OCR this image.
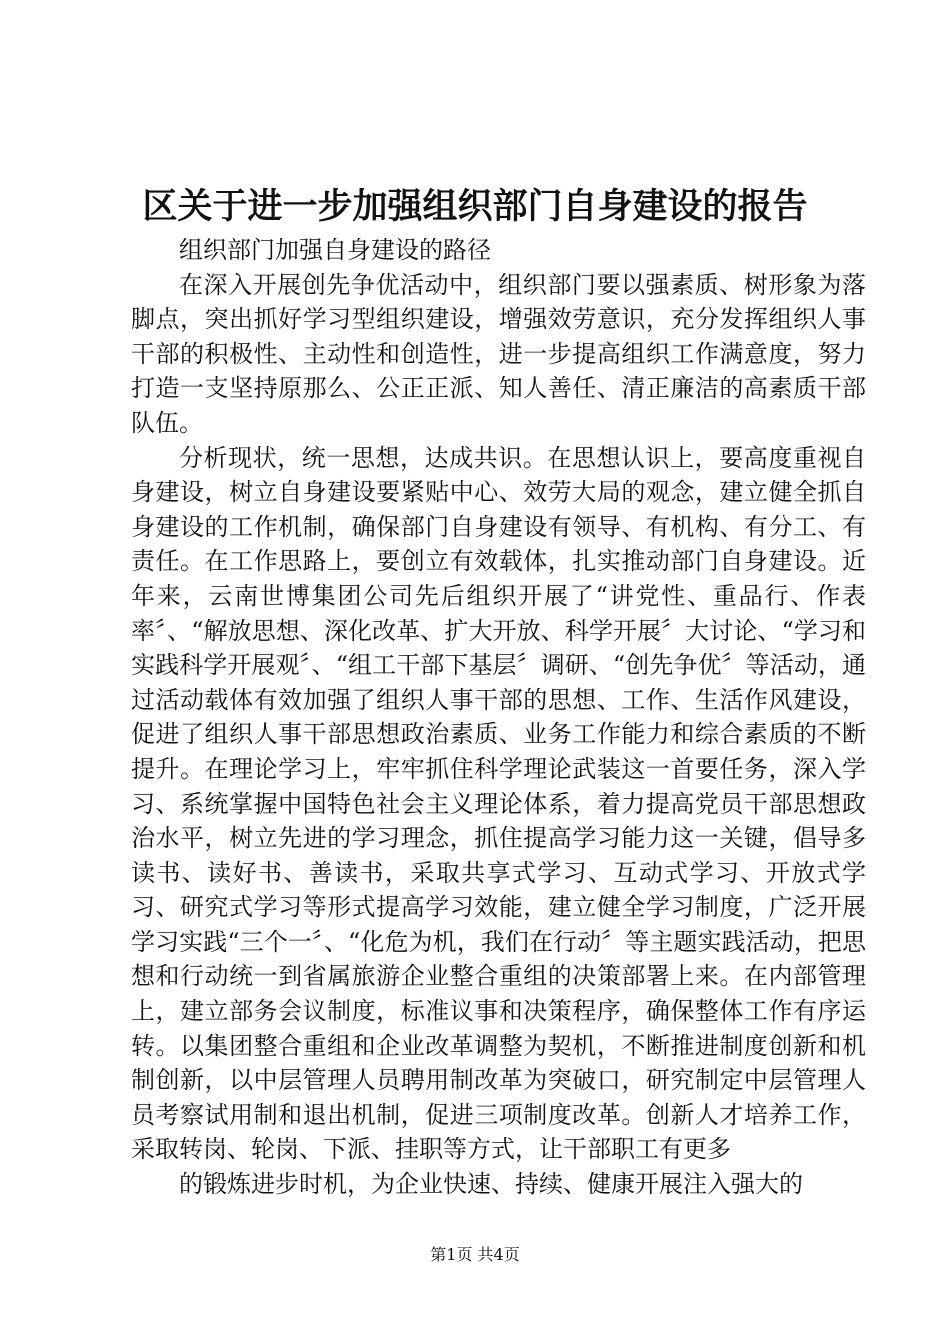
区关于进一步加强组织部门自身建设的报告

组织部门加强自身建设的路径

在深入开展创先争优活动中，组织部门要以强素质、树形象为落脚点，突出抓好学习型组织建设，增强效劳意识，充分发挥组织人事干部的积极性、主动性和创造性，进一步提高组织工作满意度，努力打造一支坚持原那么、公正正派、知人善任、清正廉洁的高素质干部队伍。

分析现状，统一思想，达成共识。在思想认识上，要高度重视自身建设，树立自身建设要紧贴中心、效劳大局的观念，建立健全抓自身建设的工作机制，确保部门自身建设有领导、有机构、有分工、有责任。在工作思路上，要创立有效载体，扎实推动部门自身建设。近年来，云南世博集团公司先后组织开展了“讲党性、重品行、作表率〞、“解放思想、深化改革、扩大开放、科学开展〞大讨论、“学习和实践科学开展观〞、“组工干部下基层〞调研、“创先争优〞等活动，通过活动载体有效加强了组织人事干部的思想、工作、生活作风建设，促进了组织人事干部思想政治素质、业务工作能力和综合素质的不断提升。在理论学习上，牢牢抓住科学理论武装这一首要任务，深入学习、系统掌握中国特色社会主义理论体系，着力提高党员干部思想政治水平，树立先进的学习理念，抓住提高学习能力这一关键，倡导多读书、读好书、善读书，采取共享式学习、互动式学习、开放式学习、研究式学习等形式提高学习效能，建立健全学习制度，广泛开展学习实践“三个一〞、“化危为机，我们在行动〞等主题实践活动，把思想和行动统一到省属旅游企业整合重组的决策部署上来。在内部管理上，建立部务会议制度，标准议事和决策程序，确保整体工作有序运转。以集团整合重组和企业改革调整为契机，不断推进制度创新和机制创新，以中层管理人员聘用制改革为突破口，研究制定中层管理人员考察试用制和退出机制，促进三项制度改革。创新人才培养工作，采取转岗、轮岗、下派、挂职等方式，让干部职工有更多

的锻炼进步时机，为企业快速、持续、健康开展注入强大的

第1页 共4页
